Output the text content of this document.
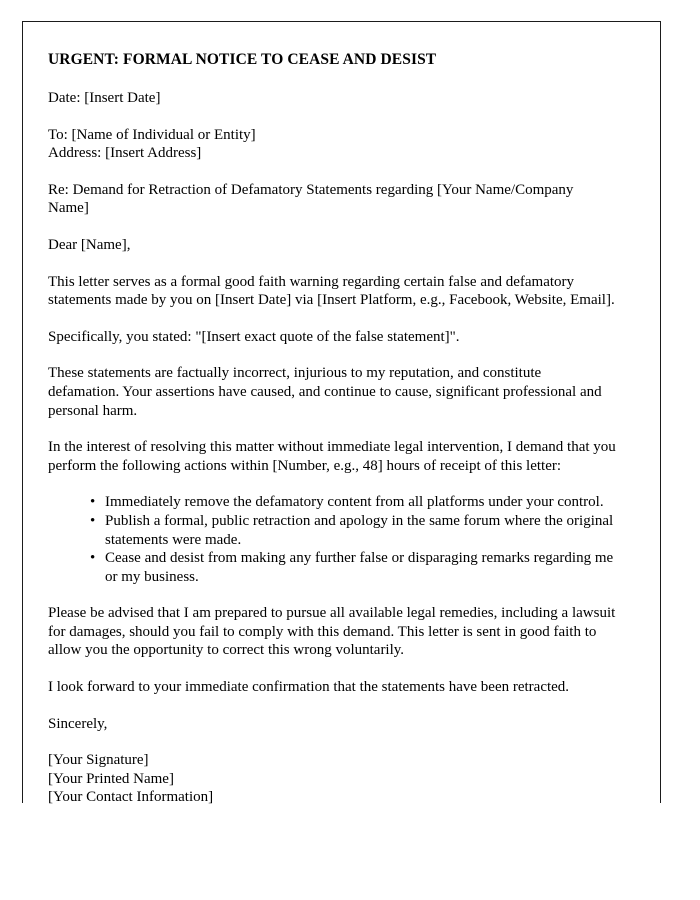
URGENT: FORMAL NOTICE TO CEASE AND DESIST

Date: [Insert Date]

To: [Name of Individual or Entity]
Address: [Insert Address]

Re: Demand for Retraction of Defamatory Statements regarding [Your Name/Company Name]

Dear [Name],

This letter serves as a formal good faith warning regarding certain false and defamatory statements made by you on [Insert Date] via [Insert Platform, e.g., Facebook, Website, Email].

Specifically, you stated: "[Insert exact quote of the false statement]".

These statements are factually incorrect, injurious to my reputation, and constitute defamation. Your assertions have caused, and continue to cause, significant professional and personal harm.

In the interest of resolving this matter without immediate legal intervention, I demand that you perform the following actions within [Number, e.g., 48] hours of receipt of this letter:

• Immediately remove the defamatory content from all platforms under your control.
• Publish a formal, public retraction and apology in the same forum where the original statements were made.
• Cease and desist from making any further false or disparaging remarks regarding me or my business.

Please be advised that I am prepared to pursue all available legal remedies, including a lawsuit for damages, should you fail to comply with this demand. This letter is sent in good faith to allow you the opportunity to correct this wrong voluntarily.

I look forward to your immediate confirmation that the statements have been retracted.

Sincerely,

[Your Signature]
[Your Printed Name]
[Your Contact Information]
